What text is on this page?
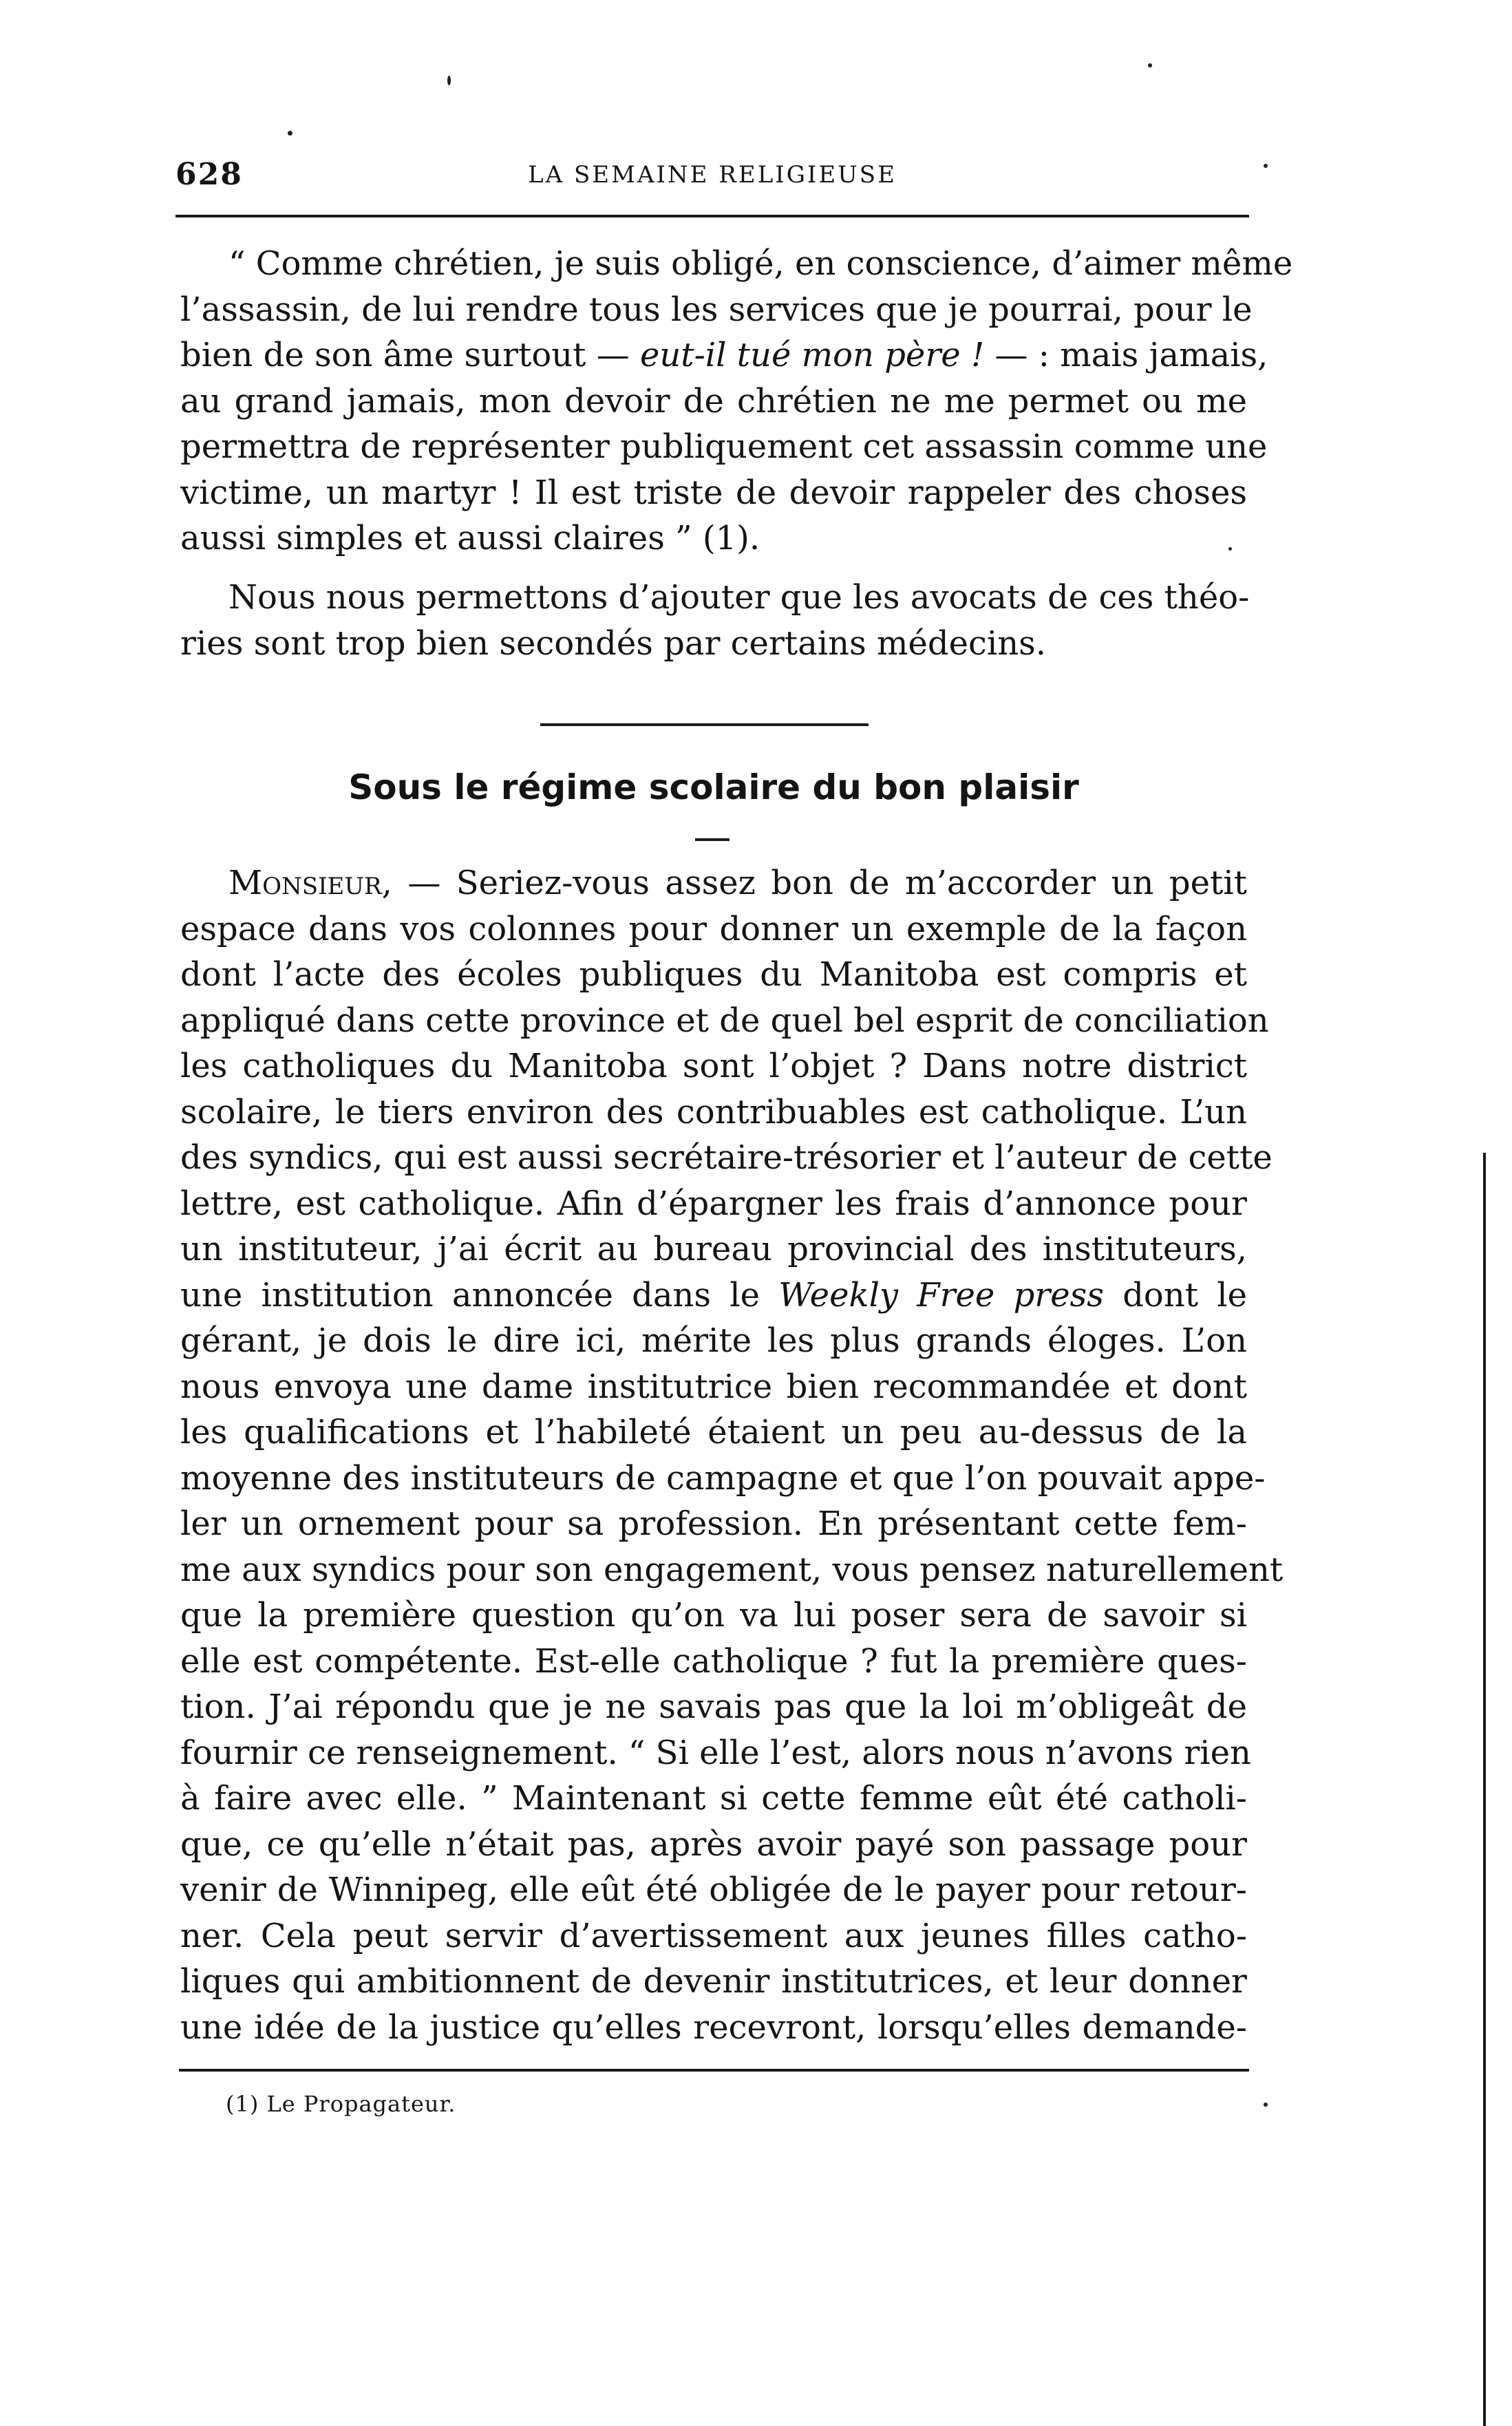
628	LA SEMAINE RELIGIEUSE
“ Comme chrétien, je suis obligé, en conscience, d’aimer même
l’assassin, de lui rendre tous les services que je pourrai, pour le
bien de son âme surtout — eut-il tué mon père ! — : mais jamais,
au grand jamais, mon devoir de chrétien ne me permet ou me
permettra de représenter publiquement cet assassin comme une
victime, un martyr ! Il est triste de devoir rappeler des choses
aussi simples et aussi claires ” (1).
Nous nous permettons d’ajouter que les avocats de ces théo-
ries sont trop bien secondés par certains médecins.
Sous le régime scolaire du bon plaisir
Monsieur, — Seriez-vous assez bon de m’accorder un petit
espace dans vos colonnes pour donner un exemple de la façon
dont l’acte des écoles publiques du Manitoba est compris et
appliqué dans cette province et de quel bel esprit de conciliation
les catholiques du Manitoba sont l’objet ? Dans notre district
scolaire, le tiers environ des contribuables est catholique. L’un
des syndics, qui est aussi secrétaire-trésorier et l’auteur de cette
lettre, est catholique. Afin d’épargner les frais d’annonce pour
un instituteur, j’ai écrit au bureau provincial des instituteurs,
une institution annoncée dans le Weekly Free press dont le
gérant, je dois le dire ici, mérite les plus grands éloges. L’on
nous envoya une dame institutrice bien recommandée et dont
les qualifications et l’habileté étaient un peu au-dessus de la
moyenne des instituteurs de campagne et que l’on pouvait appe-
ler un ornement pour sa profession. En présentant cette fem-
me aux syndics pour son engagement, vous pensez naturellement
que la première question qu’on va lui poser sera de savoir si
elle est compétente. Est-elle catholique ? fut la première ques-
tion. J’ai répondu que je ne savais pas que la loi m’obligeât de
fournir ce renseignement. “ Si elle l’est, alors nous n’avons rien
à faire avec elle. ” Maintenant si cette femme eût été catholi-
que, ce qu’elle n’était pas, après avoir payé son passage pour
venir de Winnipeg, elle eût été obligée de le payer pour retour-
ner. Cela peut servir d’avertissement aux jeunes filles catho-
liques qui ambitionnent de devenir institutrices, et leur donner
une idée de la justice qu’elles recevront, lorsqu’elles demande-
(1) Le Propagateur.
